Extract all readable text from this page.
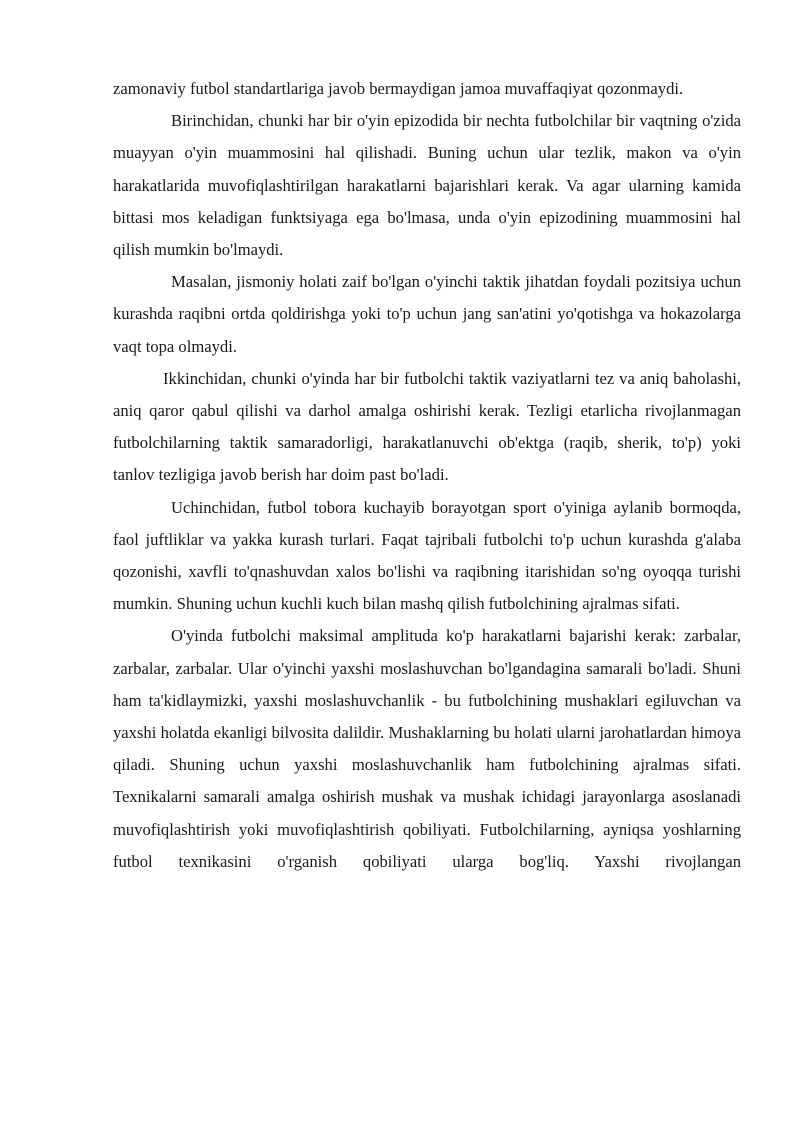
zamonaviy futbol standartlariga javob bermaydigan jamoa muvaffaqiyat qozonmaydi.

Birinchidan, chunki har bir o'yin epizodida bir nechta futbolchilar bir vaqtning o'zida muayyan o'yin muammosini hal qilishadi. Buning uchun ular tezlik, makon va o'yin harakatlarida muvofiqlashtirilgan harakatlarni bajarishlari kerak. Va agar ularning kamida bittasi mos keladigan funktsiyaga ega bo'lmasa, unda o'yin epizodining muammosini hal qilish mumkin bo'lmaydi.

Masalan, jismoniy holati zaif bo'lgan o'yinchi taktik jihatdan foydali pozitsiya uchun kurashda raqibni ortda qoldirishga yoki to'p uchun jang san'atini yo'qotishga va hokazolarga vaqt topa olmaydi.

Ikkinchidan, chunki o'yinda har bir futbolchi taktik vaziyatlarni tez va aniq baholashi, aniq qaror qabul qilishi va darhol amalga oshirishi kerak. Tezligi etarlicha rivojlanmagan futbolchilarning taktik samaradorligi, harakatlanuvchi ob'ektga (raqib, sherik, to'p) yoki tanlov tezligiga javob berish har doim past bo'ladi.

Uchinchidan, futbol tobora kuchayib borayotgan sport o'yiniga aylanib bormoqda, faol juftliklar va yakka kurash turlari. Faqat tajribali futbolchi to'p uchun kurashda g'alaba qozonishi, xavfli to'qnashuvdan xalos bo'lishi va raqibning itarishidan so'ng oyoqqa turishi mumkin. Shuning uchun kuchli kuch bilan mashq qilish futbolchining ajralmas sifati.

O'yinda futbolchi maksimal amplituda ko'p harakatlarni bajarishi kerak: zarbalar, zarbalar, zarbalar. Ular o'yinchi yaxshi moslashuvchan bo'lgandagina samarali bo'ladi. Shuni ham ta'kidlaymizki, yaxshi moslashuvchanlik - bu futbolchining mushaklari egiluvchan va yaxshi holatda ekanligi bilvosita dalildir. Mushaklarning bu holati ularni jarohatlardan himoya qiladi. Shuning uchun yaxshi moslashuvchanlik ham futbolchining ajralmas sifati. Texnikalarni samarali amalga oshirish mushak va mushak ichidagi jarayonlarga asoslanadi muvofiqlashtirish yoki muvofiqlashtirish qobiliyati. Futbolchilarning, ayniqsa yoshlarning futbol texnikasini o'rganish qobiliyati ularga bog'liq. Yaxshi rivojlangan
